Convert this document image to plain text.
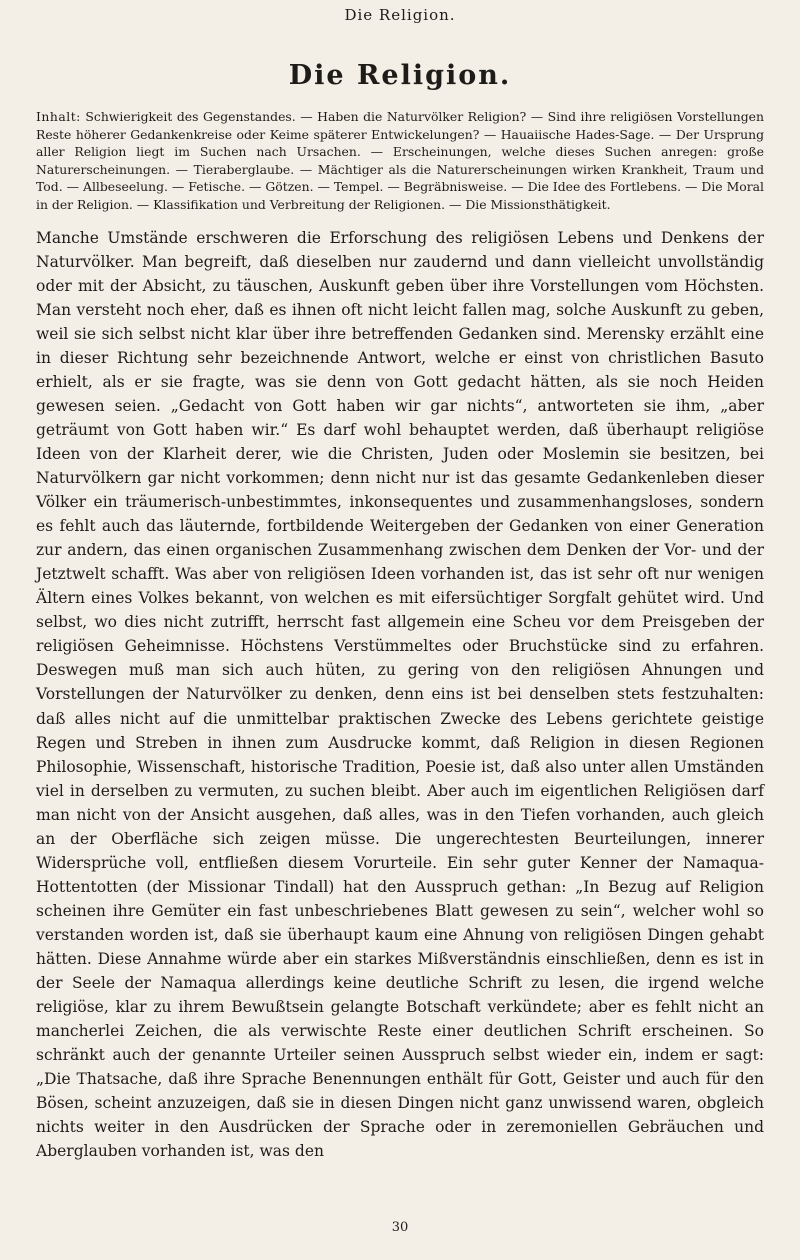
Die Religion.
Die Religion.

Inhalt: Schwierigkeit des Gegenstandes. — Haben die Naturvölker Religion? — Sind ihre religiösen Vorstellungen Reste höherer Gedankenkreise oder Keime späterer Entwickelungen? — Hauaiische Hades-Sage. — Der Ursprung aller Religion liegt im Suchen nach Ursachen. — Erscheinungen, welche dieses Suchen anregen: große Naturerscheinungen. — Tieraberglaube. — Mächtiger als die Naturerscheinungen wirken Krankheit, Traum und Tod. — Allbeseelung. — Fetische. — Götzen. — Tempel. — Begräbnisweise. — Die Idee des Fortlebens. — Die Moral in der Religion. — Klassifikation und Verbreitung der Religionen. — Die Missionsthätigkeit.

Manche Umstände erschweren die Erforschung des religiösen Lebens und Denkens der Naturvölker. Man begreift, daß dieselben nur zaudernd und dann vielleicht unvollständig oder mit der Absicht, zu täuschen, Auskunft geben über ihre Vorstellungen vom Höchsten. Man versteht noch eher, daß es ihnen oft nicht leicht fallen mag, solche Auskunft zu geben, weil sie sich selbst nicht klar über ihre betreffenden Gedanken sind. Merensky erzählt eine in dieser Richtung sehr bezeichnende Antwort, welche er einst von christlichen Basuto erhielt, als er sie fragte, was sie denn von Gott gedacht hätten, als sie noch Heiden gewesen seien. „Gedacht von Gott haben wir gar nichts“, antworteten sie ihm, „aber geträumt von Gott haben wir.“ Es darf wohl behauptet werden, daß überhaupt religiöse Ideen von der Klarheit derer, wie die Christen, Juden oder Moslemin sie besitzen, bei Naturvölkern gar nicht vorkommen; denn nicht nur ist das gesamte Gedankenleben dieser Völker ein träumerisch-unbestimmtes, inkonsequentes und zusammenhangsloses, sondern es fehlt auch das läuternde, fortbildende Weitergeben der Gedanken von einer Generation zur andern, das einen organischen Zusammenhang zwischen dem Denken der Vor- und der Jetztwelt schafft. Was aber von religiösen Ideen vorhanden ist, das ist sehr oft nur wenigen Ältern eines Volkes bekannt, von welchen es mit eifersüchtiger Sorgfalt gehütet wird. Und selbst, wo dies nicht zutrifft, herrscht fast allgemein eine Scheu vor dem Preisgeben der religiösen Geheimnisse. Höchstens Verstümmeltes oder Bruchstücke sind zu erfahren. Deswegen muß man sich auch hüten, zu gering von den religiösen Ahnungen und Vorstellungen der Naturvölker zu denken, denn eins ist bei denselben stets festzuhalten: daß alles nicht auf die unmittelbar praktischen Zwecke des Lebens gerichtete geistige Regen und Streben in ihnen zum Ausdrucke kommt, daß Religion in diesen Regionen Philosophie, Wissenschaft, historische Tradition, Poesie ist, daß also unter allen Umständen viel in derselben zu vermuten, zu suchen bleibt. Aber auch im eigentlichen Religiösen darf man nicht von der Ansicht ausgehen, daß alles, was in den Tiefen vorhanden, auch gleich an der Oberfläche sich zeigen müsse. Die ungerechtesten Beurteilungen, innerer Widersprüche voll, entfließen diesem Vorurteile. Ein sehr guter Kenner der Namaqua-Hottentotten (der Missionar Tindall) hat den Ausspruch gethan: „In Bezug auf Religion scheinen ihre Gemüter ein fast unbeschriebenes Blatt gewesen zu sein“, welcher wohl so verstanden worden ist, daß sie überhaupt kaum eine Ahnung von religiösen Dingen gehabt hätten. Diese Annahme würde aber ein starkes Mißverständnis einschließen, denn es ist in der Seele der Namaqua allerdings keine deutliche Schrift zu lesen, die irgend welche religiöse, klar zu ihrem Bewußtsein gelangte Botschaft verkündete; aber es fehlt nicht an mancherlei Zeichen, die als verwischte Reste einer deutlichen Schrift erscheinen. So schränkt auch der genannte Urteiler seinen Ausspruch selbst wieder ein, indem er sagt: „Die Thatsache, daß ihre Sprache Benennungen enthält für Gott, Geister und auch für den Bösen, scheint anzuzeigen, daß sie in diesen Dingen nicht ganz unwissend waren, obgleich nichts weiter in den Ausdrücken der Sprache oder in zeremoniellen Gebräuchen und Aberglauben vorhanden ist, was den

30
